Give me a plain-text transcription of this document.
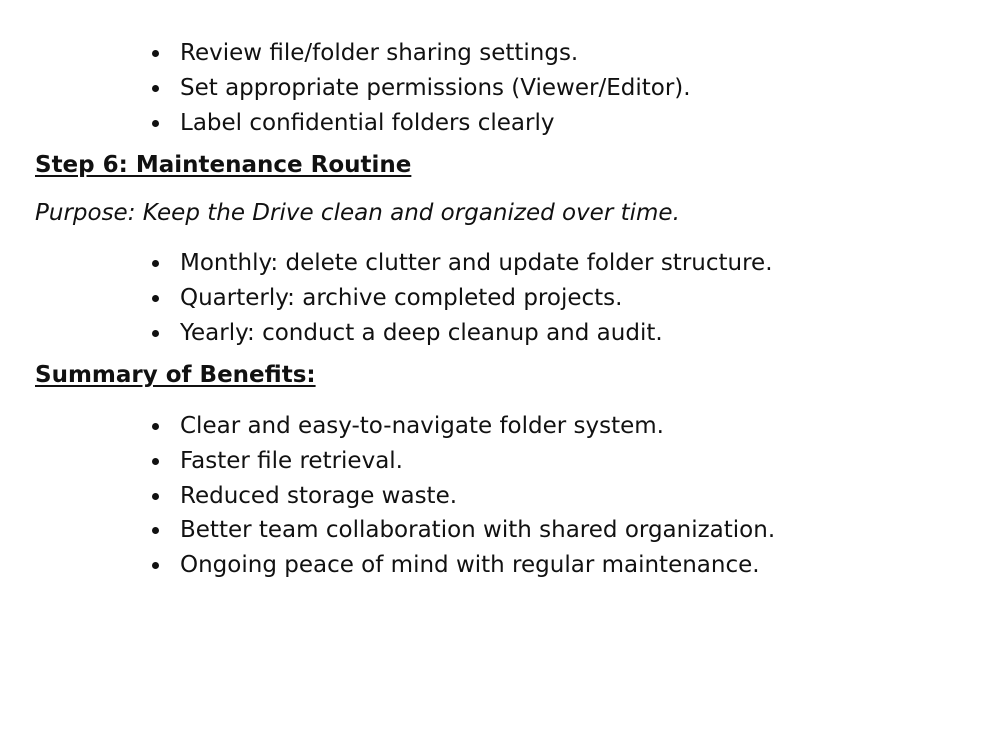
Review file/folder sharing settings.
Set appropriate permissions (Viewer/Editor).
Label confidential folders clearly
Step 6: Maintenance Routine

Purpose: Keep the Drive clean and organized over time.

Monthly: delete clutter and update folder structure.
Quarterly: archive completed projects.
Yearly: conduct a deep cleanup and audit.
Summary of Benefits:
Clear and easy-to-navigate folder system.
Faster file retrieval.
Reduced storage waste.
Better team collaboration with shared organization.
Ongoing peace of mind with regular maintenance.
